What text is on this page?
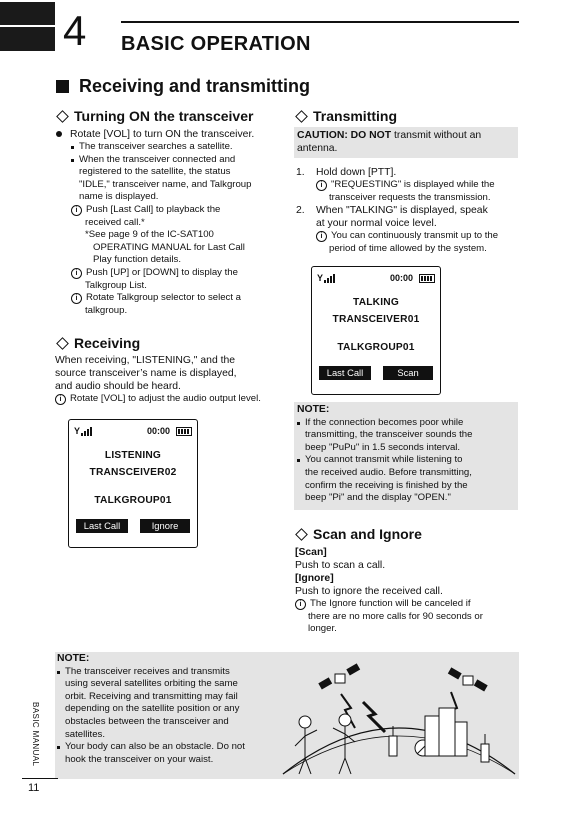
4 BASIC OPERATION
Receiving and transmitting
Turning ON the transceiver
Rotate [VOL] to turn ON the transceiver.
The transceiver searches a satellite.
When the transceiver connected and
registered to the satellite, the status
"IDLE," transceiver name, and Talkgroup
name is displayed.
i Push [Last Call] to playback the
received call.*
*See page 9 of the IC-SAT100
OPERATING MANUAL for Last Call
Play function details.
i Push [UP] or [DOWN] to display the
Talkgroup List.
i Rotate Talkgroup selector to select a
talkgroup.
Receiving
When receiving, "LISTENING," and the
source transceiver’s name is displayed,
and audio should be heard.
i Rotate [VOL] to adjust the audio output level.
Y	00:00
LISTENING
TRANSCEIVER02
TALKGROUP01
Last Call	Ignore
Transmitting
CAUTION: DO NOT transmit without an
antenna.
1.	Hold down [PTT].
i "REQUESTING" is displayed while the
transceiver requests the transmission.
2.	When "TALKING" is displayed, speak
at your normal voice level.
i You can continuously transmit up to the
period of time allowed by the system.
Y	00:00
TALKING
TRANSCEIVER01
TALKGROUP01
Last Call	Scan
NOTE:
If the connection becomes poor while
transmitting, the transceiver sounds the
beep "PuPu" in 1.5 seconds interval.
You cannot transmit while listening to
the received audio. Before transmitting,
confirm the receiving is finished by the
beep "Pi" and the display "OPEN."
Scan and Ignore
[Scan]
Push to scan a call.
[Ignore]
Push to ignore the received call.
i The Ignore function will be canceled if
there are no more calls for 90 seconds or
longer.
NOTE:
The transceiver receives and transmits
using several satellites orbiting the same
orbit. Receiving and transmitting may fail
depending on the satellite position or any
obstacles between the transceiver and
satellites.
Your body can also be an obstacle. Do not
hook the transceiver on your waist.
BASIC MANUAL
11
